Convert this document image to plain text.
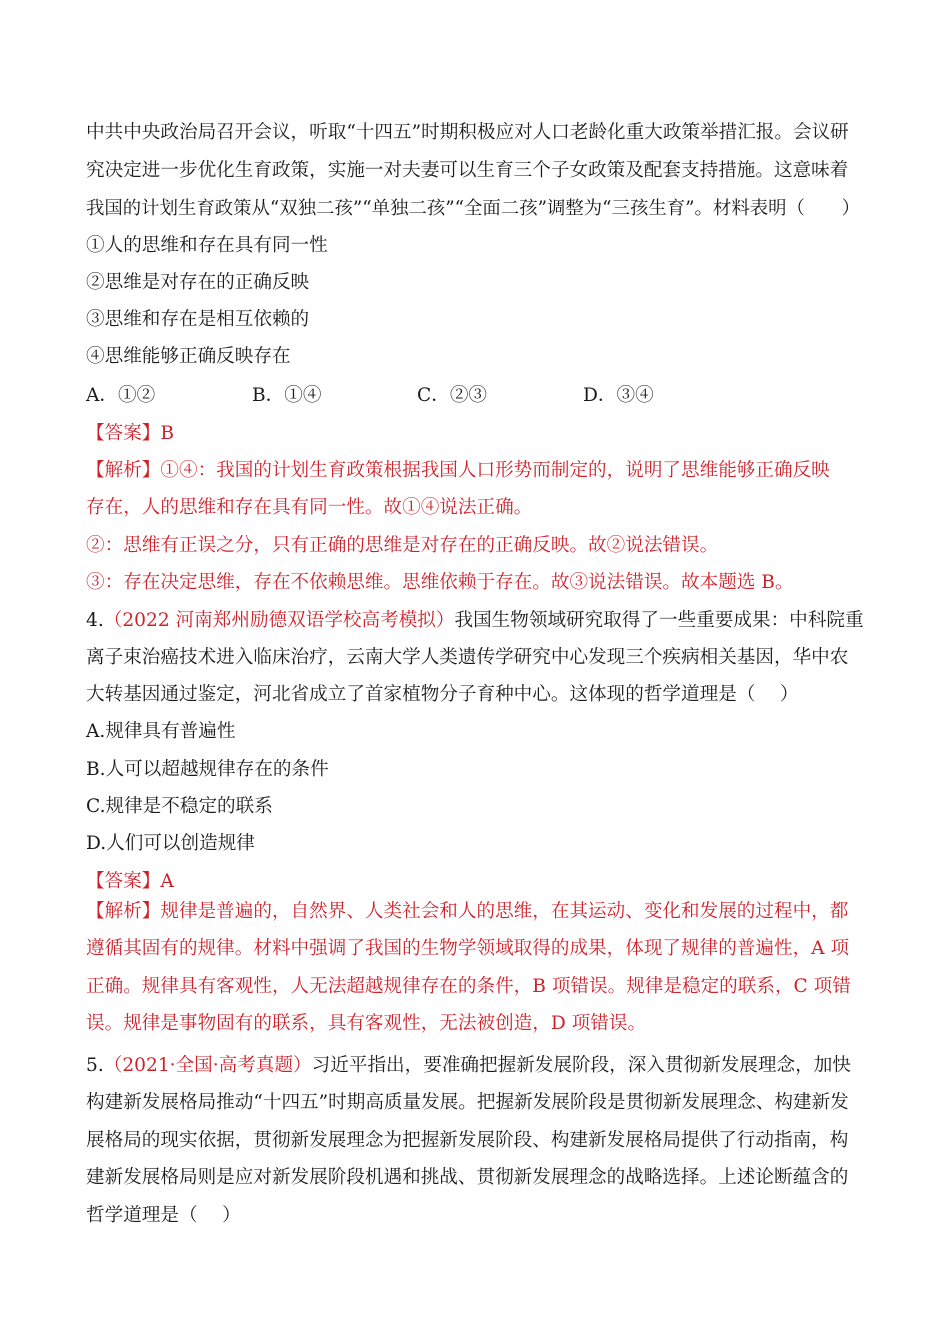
中共中央政治局召开会议，听取“十四五”时期积极应对人口老龄化重大政策举措汇报。会议研
究决定进一步优化生育政策，实施一对夫妻可以生育三个子女政策及配套支持措施。这意味着
我国的计划生育政策从“双独二孩”“单独二孩”“全面二孩”调整为“三孩生育”。材料表明（　　）
①人的思维和存在具有同一性
②思维是对存在的正确反映
③思维和存在是相互依赖的
④思维能够正确反映存在
A．①②	B．①④	C．②③	D．③④
【答案】B
【解析】①④：我国的计划生育政策根据我国人口形势而制定的，说明了思维能够正确反映
存在，人的思维和存在具有同一性。故①④说法正确。
②：思维有正误之分，只有正确的思维是对存在的正确反映。故②说法错误。
③：存在决定思维，存在不依赖思维。思维依赖于存在。故③说法错误。故本题选 B。
4.（2022 河南郑州励德双语学校高考模拟）我国生物领域研究取得了一些重要成果：中科院重
离子束治癌技术进入临床治疗，云南大学人类遗传学研究中心发现三个疾病相关基因，华中农
大转基因通过鉴定，河北省成立了首家植物分子育种中心。这体现的哲学道理是（　 ）
A.规律具有普遍性
B.人可以超越规律存在的条件
C.规律是不稳定的联系
D.人们可以创造规律
【答案】A
【解析】规律是普遍的，自然界、人类社会和人的思维，在其运动、变化和发展的过程中，都
遵循其固有的规律。材料中强调了我国的生物学领域取得的成果，体现了规律的普遍性，A 项
正确。规律具有客观性，人无法超越规律存在的条件，B 项错误。规律是稳定的联系，C 项错
误。规律是事物固有的联系，具有客观性，无法被创造，D 项错误。
5.（2021·全国·高考真题）习近平指出，要准确把握新发展阶段，深入贯彻新发展理念，加快
构建新发展格局推动“十四五”时期高质量发展。把握新发展阶段是贯彻新发展理念、构建新发
展格局的现实依据，贯彻新发展理念为把握新发展阶段、构建新发展格局提供了行动指南，构
建新发展格局则是应对新发展阶段机遇和挑战、贯彻新发展理念的战略选择。上述论断蕴含的
哲学道理是（　 ）
